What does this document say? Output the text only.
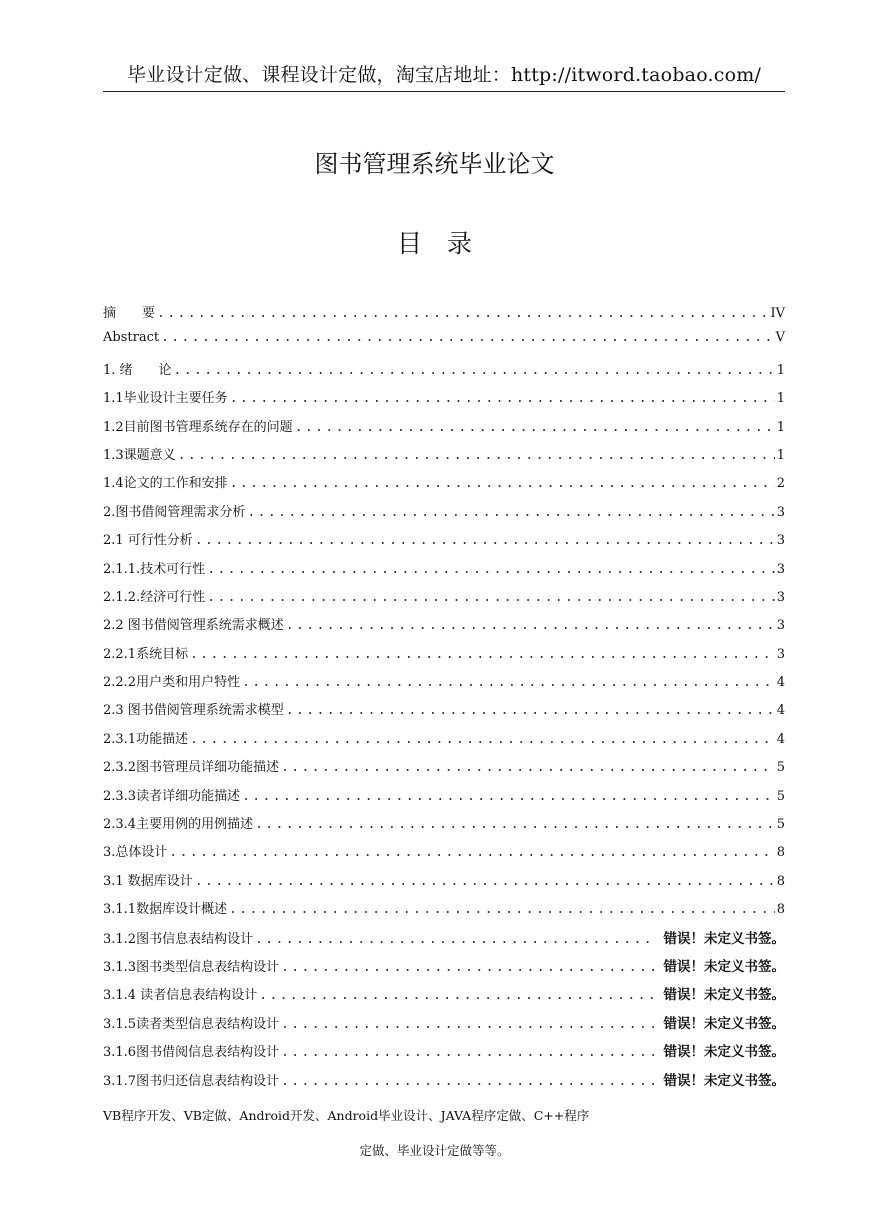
毕业设计定做、课程设计定做，淘宝店地址：http://itword.taobao.com/
图书管理系统毕业论文
目　录
摘　　要 .....	IV
Abstract .....	V
1. 绪　　论 .....	1
1.1毕业设计主要任务 .....	1
1.2目前图书管理系统存在的问题 .....	1
1.3课题意义 .....	1
1.4论文的工作和安排 .....	2
2.图书借阅管理需求分析 .....	3
2.1 可行性分析 .....	3
2.1.1.技术可行性 .....	3
2.1.2.经济可行性 .....	3
2.2 图书借阅管理系统需求概述 .....	3
2.2.1系统目标 .....	3
2.2.2用户类和用户特性 .....	4
2.3 图书借阅管理系统需求模型 .....	4
2.3.1功能描述 .....	4
2.3.2图书管理员详细功能描述 .....	5
2.3.3读者详细功能描述 .....	5
2.3.4主要用例的用例描述 .....	5
3.总体设计 .....	8
3.1 数据库设计 .....	8
3.1.1数据库设计概述 .....	8
3.1.2图书信息表结构设计 .....	错误！未定义书签。
3.1.3图书类型信息表结构设计 .....	错误！未定义书签。
3.1.4 读者信息表结构设计 .....	错误！未定义书签。
3.1.5读者类型信息表结构设计 .....	错误！未定义书签。
3.1.6图书借阅信息表结构设计 .....	错误！未定义书签。
3.1.7图书归还信息表结构设计 .....	错误！未定义书签。
VB程序开发、VB定做、Android开发、Android毕业设计、JAVA程序定做、C++程序
定做、毕业设计定做等等。
